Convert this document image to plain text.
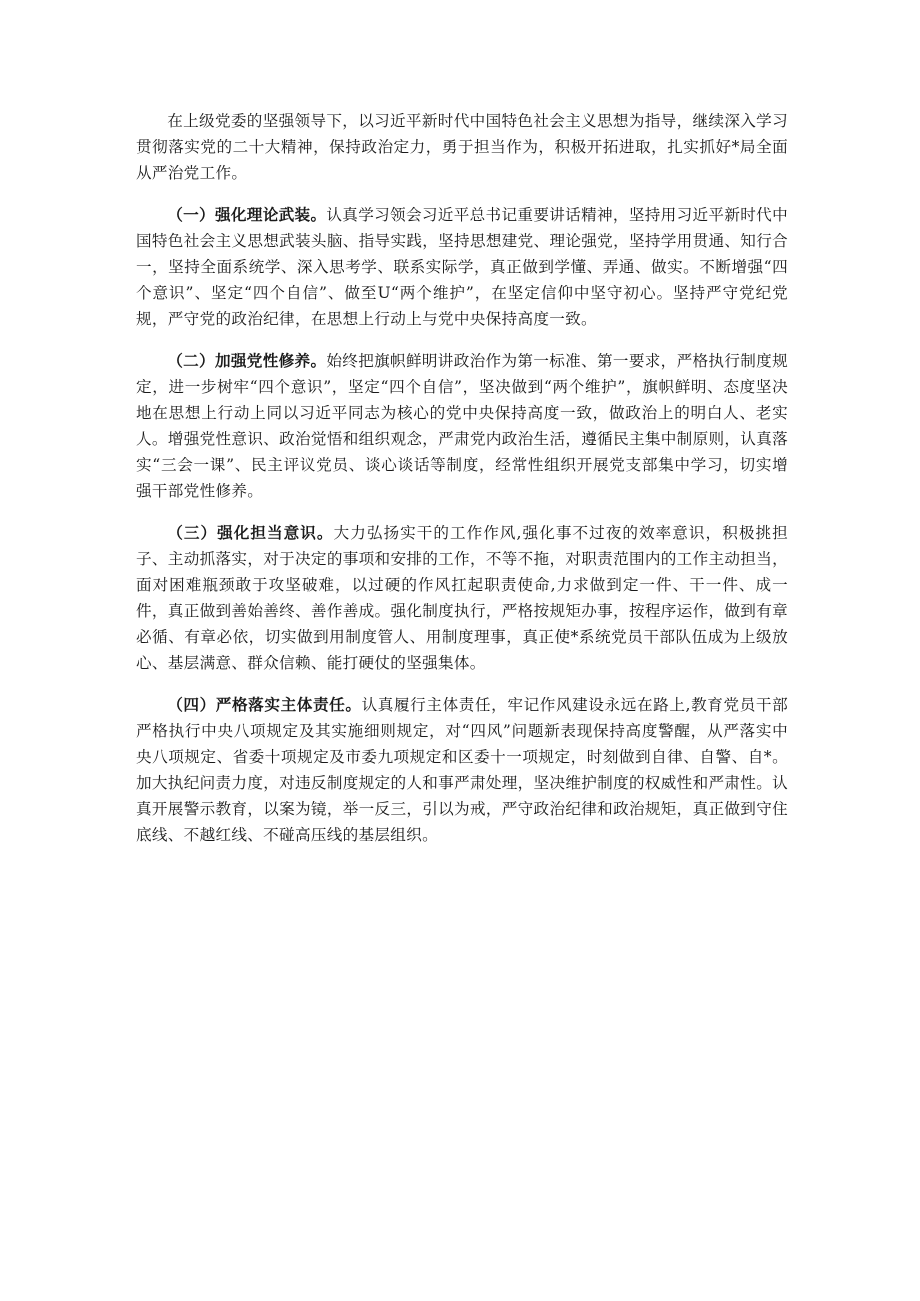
在上级党委的坚强领导下，以习近平新时代中国特色社会主义思想为指导，继续深入学习贯彻落实党的二十大精神，保持政治定力，勇于担当作为，积极开拓进取，扎实抓好*局全面从严治党工作。

（一）强化理论武装。认真学习领会习近平总书记重要讲话精神，坚持用习近平新时代中国特色社会主义思想武装头脑、指导实践，坚持思想建党、理论强党，坚持学用贯通、知行合一，坚持全面系统学、深入思考学、联系实际学，真正做到学懂、弄通、做实。不断增强“四个意识”、坚定“四个自信”、做至U“两个维护”，在坚定信仰中坚守初心。坚持严守党纪党规，严守党的政治纪律，在思想上行动上与党中央保持高度一致。

（二）加强党性修养。始终把旗帜鲜明讲政治作为第一标准、第一要求，严格执行制度规定，进一步树牢“四个意识”，坚定“四个自信”，坚决做到“两个维护”，旗帜鲜明、态度坚决地在思想上行动上同以习近平同志为核心的党中央保持高度一致，做政治上的明白人、老实人。增强党性意识、政治觉悟和组织观念，严肃党内政治生活，遵循民主集中制原则，认真落实“三会一课”、民主评议党员、谈心谈话等制度，经常性组织开展党支部集中学习，切实增强干部党性修养。

（三）强化担当意识。大力弘扬实干的工作作风,强化事不过夜的效率意识，积极挑担子、主动抓落实，对于决定的事项和安排的工作，不等不拖，对职责范围内的工作主动担当，面对困难瓶颈敢于攻坚破难，以过硬的作风扛起职责使命,力求做到定一件、干一件、成一件，真正做到善始善终、善作善成。强化制度执行，严格按规矩办事，按程序运作，做到有章必循、有章必依，切实做到用制度管人、用制度理事，真正使*系统党员干部队伍成为上级放心、基层满意、群众信赖、能打硬仗的坚强集体。

（四）严格落实主体责任。认真履行主体责任，牢记作风建设永远在路上,教育党员干部严格执行中央八项规定及其实施细则规定，对“四风”问题新表现保持高度警醒，从严落实中央八项规定、省委十项规定及市委九项规定和区委十一项规定，时刻做到自律、自警、自*。加大执纪问责力度，对违反制度规定的人和事严肃处理，坚决维护制度的权威性和严肃性。认真开展警示教育，以案为镜，举一反三，引以为戒，严守政治纪律和政治规矩，真正做到守住底线、不越红线、不碰高压线的基层组织。
